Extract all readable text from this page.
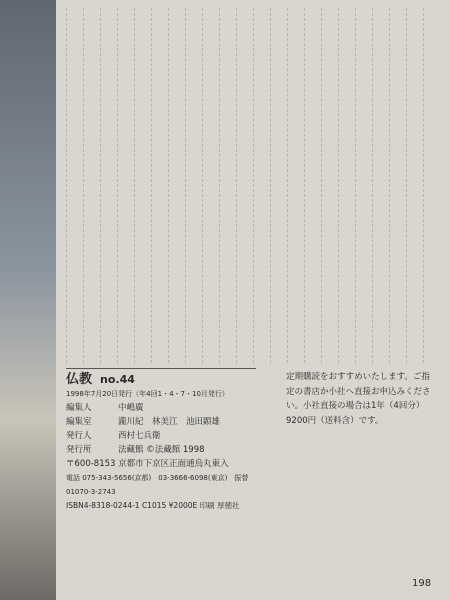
仏教 no.44
1998年7月20日発行（年4回1・4・7・10月発行）
編集人	中嶋廣
編集室	瀧川紀　林美江　池田顕雄
発行人	西村七兵衛
発行所	法藏館 ©法藏館 1998
〒600-8153 京都市下京区正面通烏丸東入
電話 075-343-5656(京都)　03-3666-6098(東京)　振替01070-3-2743
ISBN4-8318-0244-1 C1015 ¥2000E 印刷 厚徳社
定期購読をおすすめいたします。ご指定の書店か小社へ直接お申込みください。小社直接の場合は1年（4回分）9200円（送料含）です。
198
